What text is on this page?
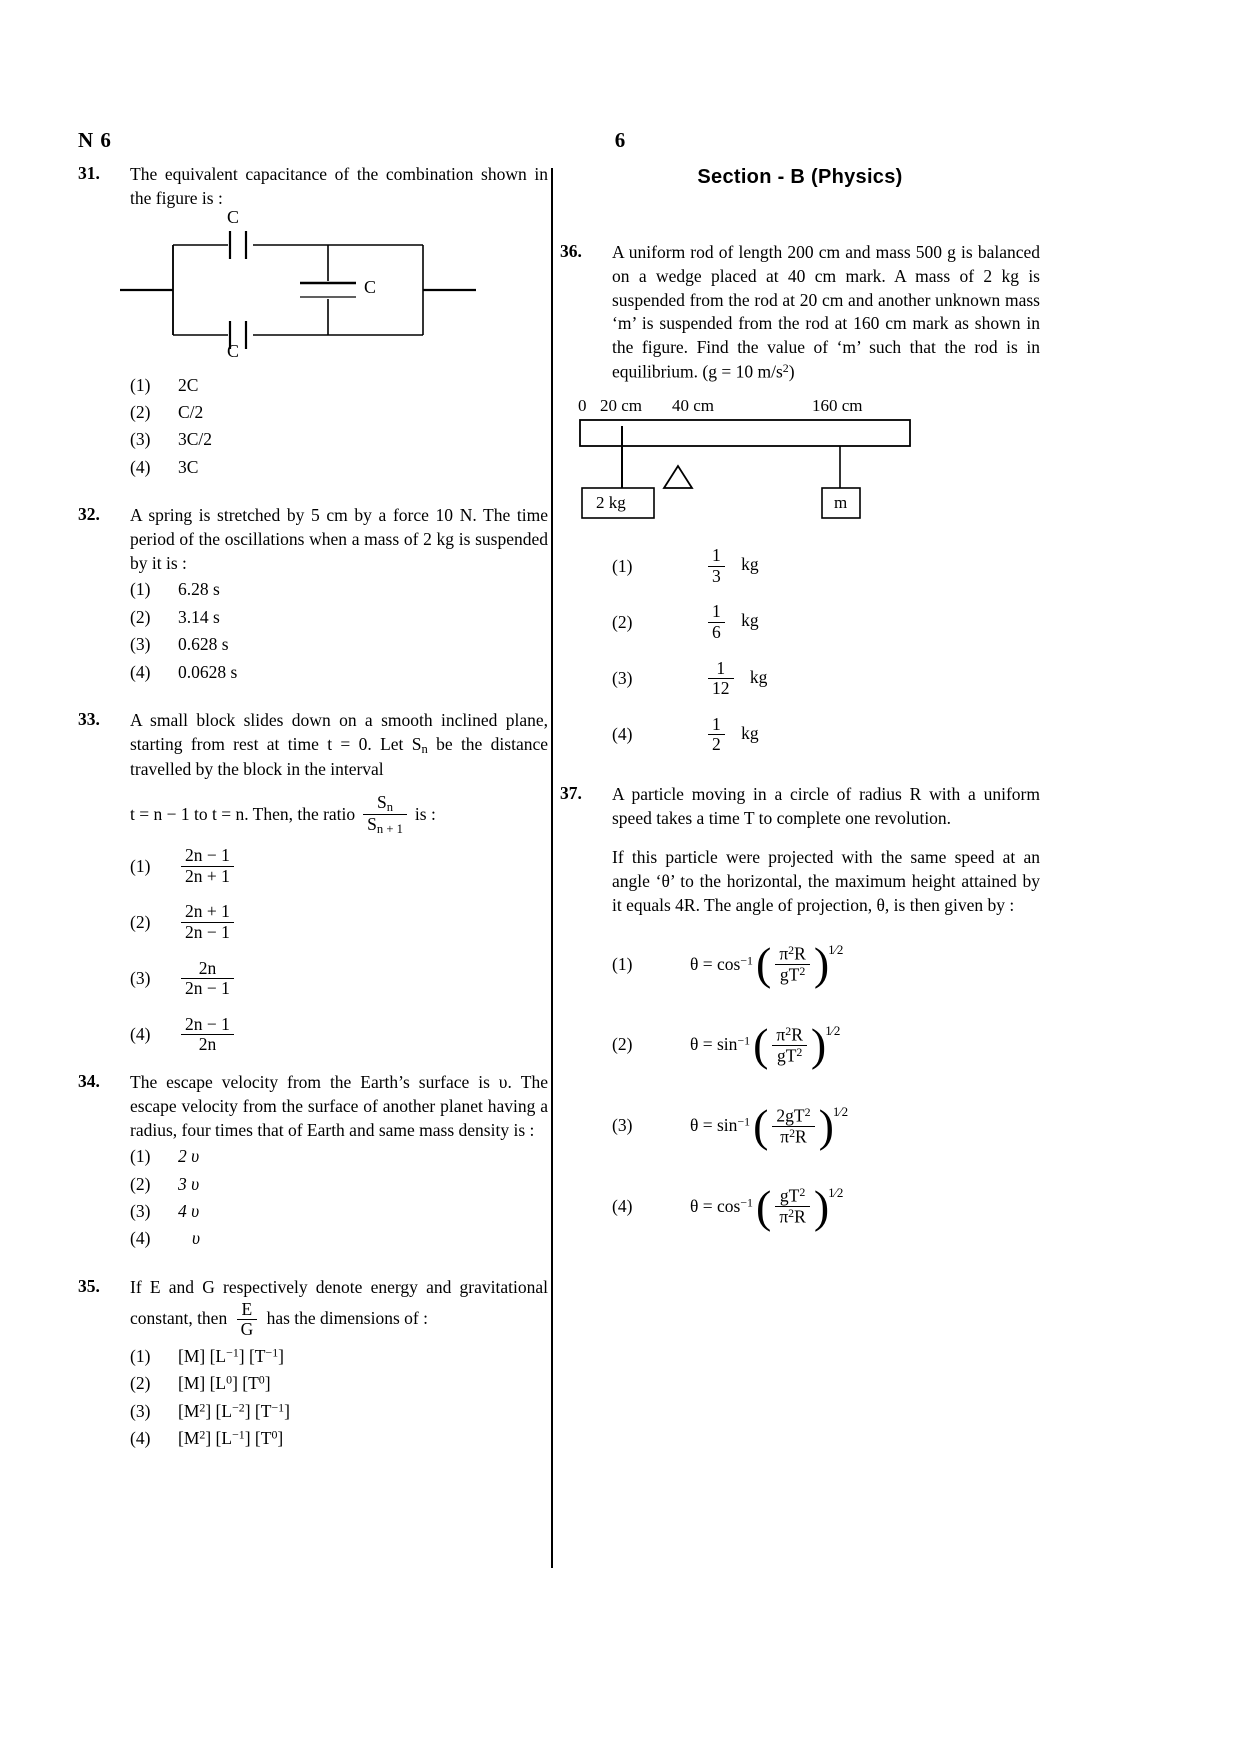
N 6	6
31.	The equivalent capacitance of the combination shown in the figure is :
C
C
C
(1)	2C
(2)	C/2
(3)	3C/2
(4)	3C
32.	A spring is stretched by 5 cm by a force 10 N. The time period of the oscillations when a mass of 2 kg is suspended by it is :
(1)	6.28 s
(2)	3.14 s
(3)	0.628 s
(4)	0.0628 s
33.	A small block slides down on a smooth inclined plane, starting from rest at time t = 0. Let $S_n$ be the distance travelled by the block in the interval
t = n − 1 to t = n. Then, the ratio $\frac{S_n}{S_{n + 1}}$ is :
(1)	$\frac{2n - 1}{2n + 1}$
(2)	$\frac{2n + 1}{2n - 1}$
(3)	$\frac{2n}{2n - 1}$
(4)	$\frac{2n - 1}{2n}$
34.	The escape velocity from the Earth’s surface is υ. The escape velocity from the surface of another planet having a radius, four times that of Earth and same mass density is :
(1)	2 υ
(2)	3 υ
(3)	4 υ
(4)	υ
35.	If E and G respectively denote energy and gravitational constant, then $\frac{E}{G}$ has the dimensions of :
(1)	[M] $[L^{-1}]$ $[T^{-1}]$
(2)	[M] $[L^0]$ $[T^0]$
(3)	$[M^2]$ $[L^{-2}]$ $[T^{-1}]$
(4)	$[M^2]$ $[L^{-1}]$ $[T^0]$
Section - B (Physics)
36.	A uniform rod of length 200 cm and mass 500 g is balanced on a wedge placed at 40 cm mark. A mass of 2 kg is suspended from the rod at 20 cm and another unknown mass ‘m’ is suspended from the rod at 160 cm mark as shown in the figure. Find the value of ‘m’ such that the rod is in equilibrium. (g = 10 $m/s^2$)
0 20 cm 40 cm	160 cm
2 kg	m
(1)	$\frac{1}{3}$ kg
(2)	$\frac{1}{6}$ kg
(3)	$\frac{1}{12}$ kg
(4)	$\frac{1}{2}$ kg
37.	A particle moving in a circle of radius R with a uniform speed takes a time T to complete one revolution.
If this particle were projected with the same speed at an angle ‘θ’ to the horizontal, the maximum height attained by it equals 4R. The angle of projection, θ, is then given by :
(1)	$\theta = \cos^{-1}$ ( $\frac{\pi^2R}{gT^2}$ ) 1⁄2
(2)	$\theta = \sin^{-1}$ ( $\frac{\pi^2R}{gT^2}$ ) 1⁄2
(3)	$\theta = \sin^{-1}$ ( $\frac{2gT^2}{\pi^2R}$ ) 1⁄2
(4)	$\theta = \cos^{-1}$ ( $\frac{gT^2}{\pi^2R}$ ) 1⁄2
